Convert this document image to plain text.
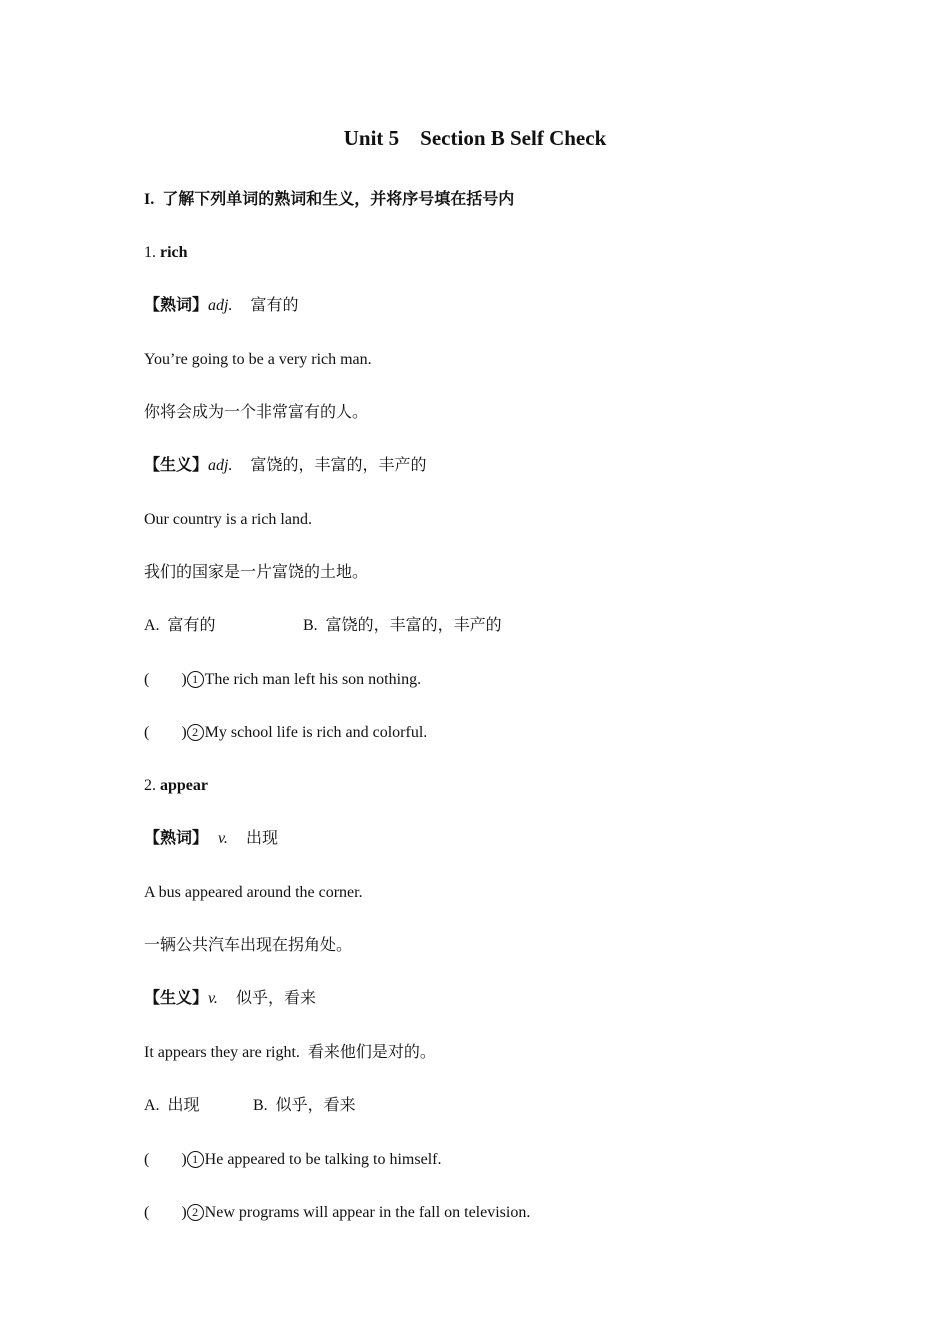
Unit 5    Section B Self Check
I. 了解下列单词的熟词和生义，并将序号填在括号内
1. rich
【熟词】adj. 富有的
You’re going to be a very rich man.
你将会成为一个非常富有的人。
【生义】adj. 富饶的，丰富的，丰产的
Our country is a rich land.
我们的国家是一片富饶的土地。
A.  富有的	B.  富饶的，丰富的，丰产的
(        ) 1 The rich man left his son nothing.
(        ) 2 My school life is rich and colorful.
2. appear
【熟词】 v. 出现
A bus appeared around the corner.
一辆公共汽车出现在拐角处。
【生义】v. 似乎，看来
It appears they are right.  看来他们是对的。
A.  出现	B.  似乎，看来
(        ) 1 He appeared to be talking to himself.
(        ) 2 New programs will appear in the fall on television.
